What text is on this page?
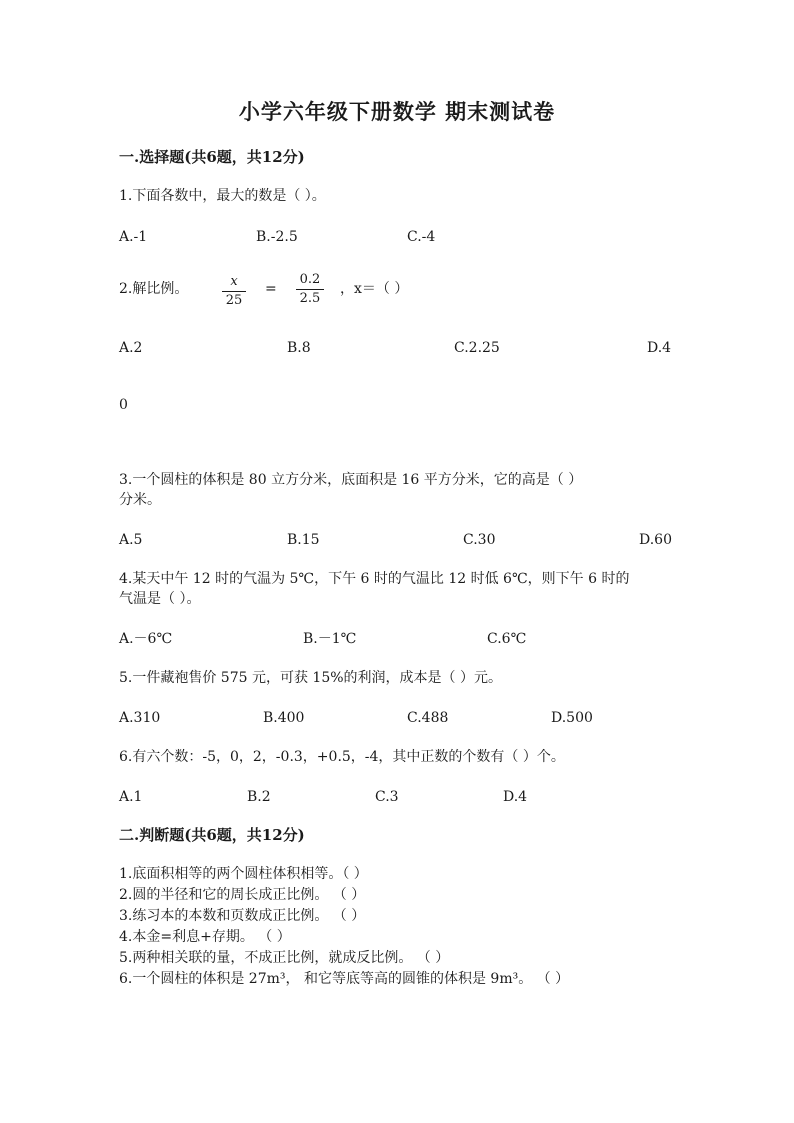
小学六年级下册数学 期末测试卷
一.选择题(共6题，共12分)
1.下面各数中，最大的数是（ ）。
A.-1	B.-2.5	C.-4
2.解比例。	x
25
=
0.2
2.5
，x＝（ ）
A.2	B.8	C.2.25	D.4
0
3.一个圆柱的体积是 80 立方分米，底面积是 16 平方分米，它的高是（ ）
分米。
A.5	B.15	C.30	D.60
4.某天中午 12 时的气温为 5℃，下午 6 时的气温比 12 时低 6℃，则下午 6 时的
气温是（ ）。
A.－6℃	B.－1℃	C.6℃
5.一件藏袍售价 575 元，可获 15%的利润，成本是（ ）元。
A.310	B.400	C.488	D.500
6.有六个数：-5，0，2，-0.3，+0.5，-4，其中正数的个数有（ ）个。
A.1	B.2	C.3	D.4
二.判断题(共6题，共12分)
1.底面积相等的两个圆柱体积相等。（ ）
2.圆的半径和它的周长成正比例。 （ ）
3.练习本的本数和页数成正比例。 （ ）
4.本金=利息+存期。 （ ）
5.两种相关联的量，不成正比例，就成反比例。 （ ）
6.一个圆柱的体积是 27m³， 和它等底等高的圆锥的体积是 9m³。 （ ）
